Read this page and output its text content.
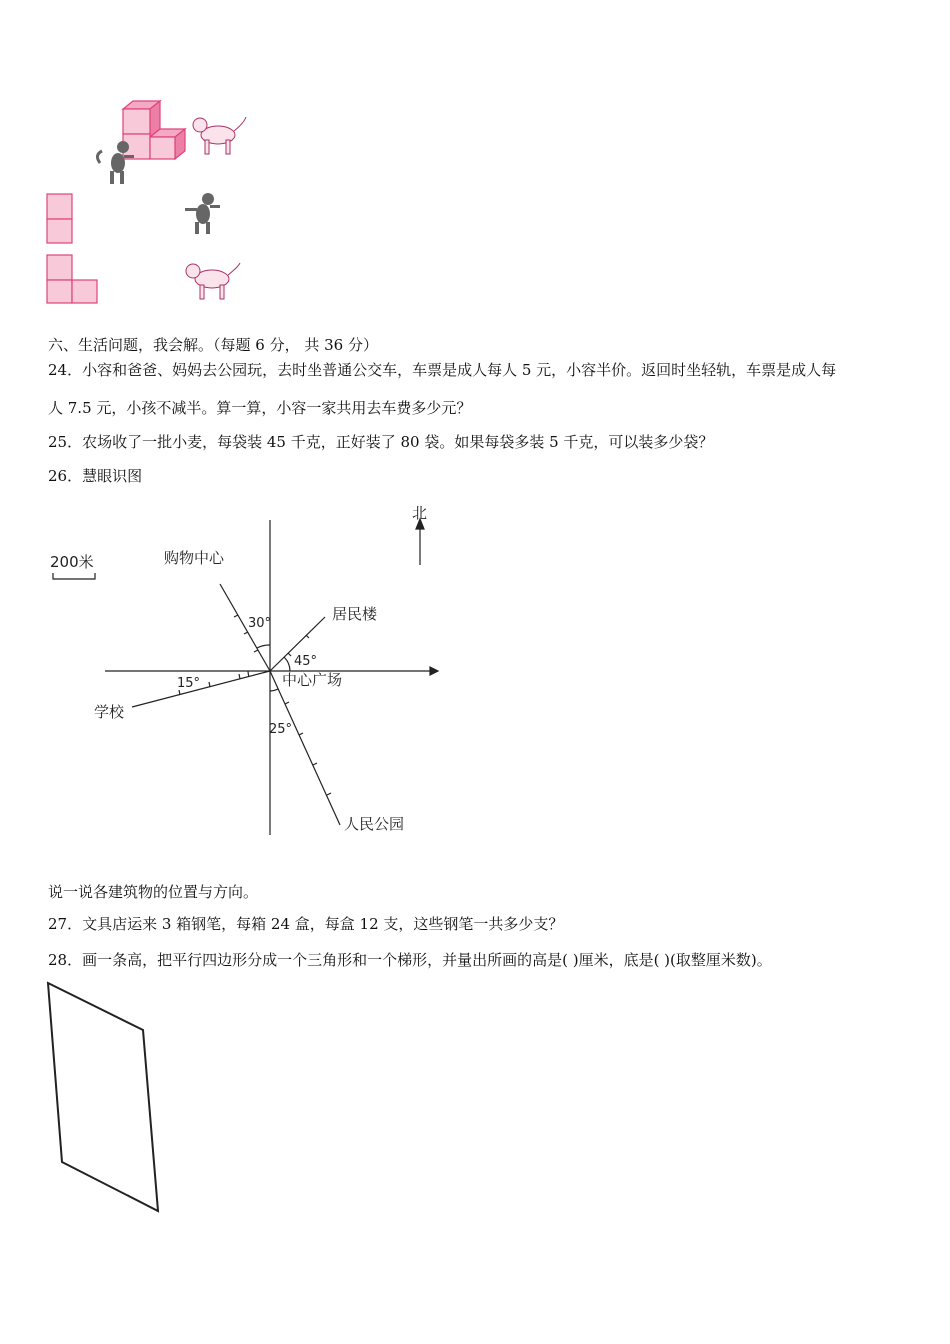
六、生活问题，我会解。（每题 6 分， 共 36 分）
24．小容和爸爸、妈妈去公园玩，去时坐普通公交车，车票是成人每人 5 元，小容半价。返回时坐轻轨，车票是成人每
人 7.5 元，小孩不减半。算一算，小容一家共用去车费多少元？
25．农场收了一批小麦，每袋装 45 千克，正好装了 80 袋。如果每袋多装 5 千克，可以装多少袋？
26．慧眼识图
北
200米	购物中心
居民楼
学校
中心广场
人民公园
30°
45°
15°
25°
说一说各建筑物的位置与方向。
27．文具店运来 3 箱钢笔，每箱 24 盒，每盒 12 支，这些钢笔一共多少支？
28．画一条高，把平行四边形分成一个三角形和一个梯形，并量出所画的高是( )厘米，底是( )(取整厘米数)。
